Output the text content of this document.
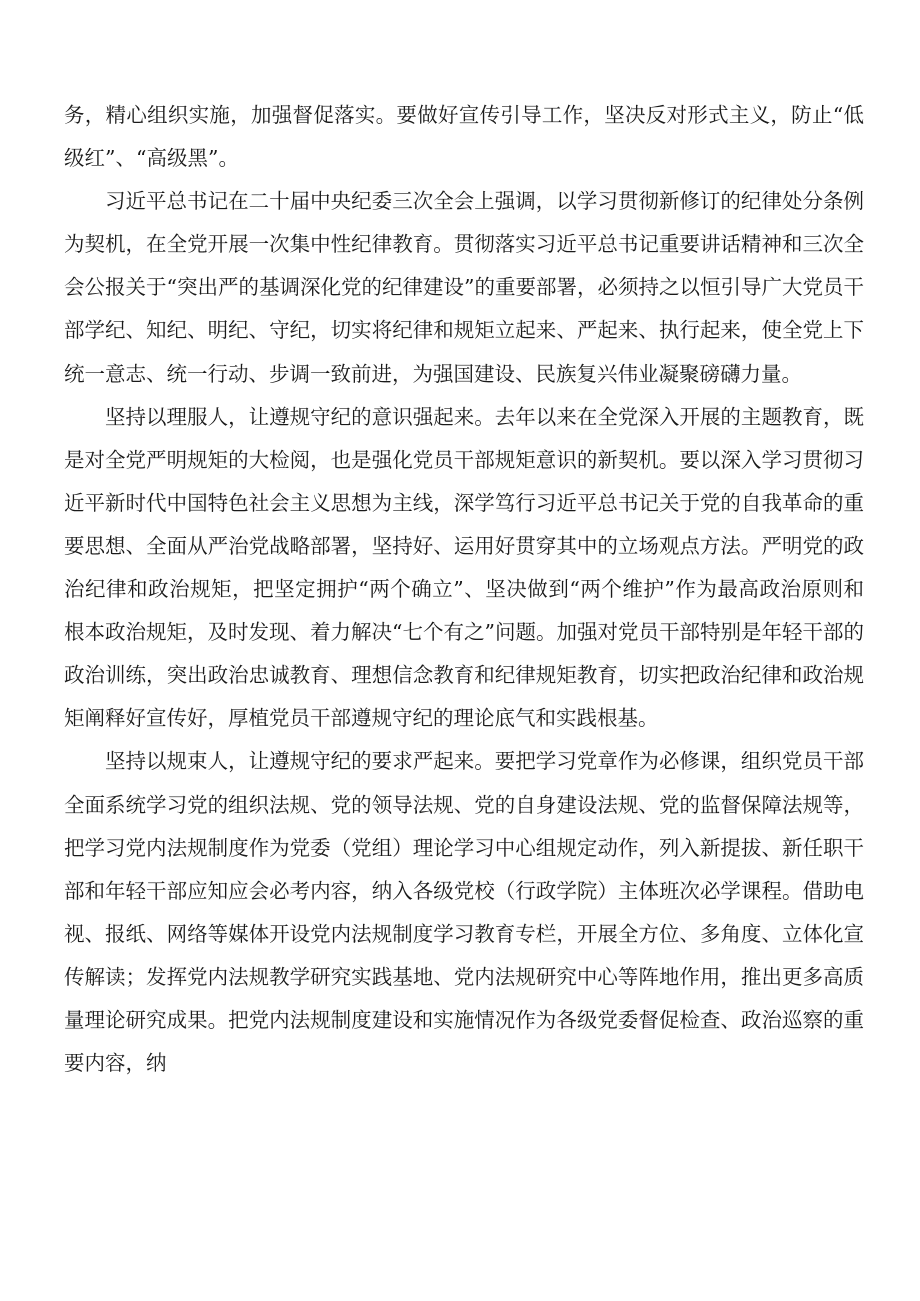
务，精心组织实施，加强督促落实。要做好宣传引导工作，坚决反对形式主义，防止“低级红”、“高级黑”。

习近平总书记在二十届中央纪委三次全会上强调，以学习贯彻新修订的纪律处分条例为契机，在全党开展一次集中性纪律教育。贯彻落实习近平总书记重要讲话精神和三次全会公报关于“突出严的基调深化党的纪律建设”的重要部署，必须持之以恒引导广大党员干部学纪、知纪、明纪、守纪，切实将纪律和规矩立起来、严起来、执行起来，使全党上下统一意志、统一行动、步调一致前进，为强国建设、民族复兴伟业凝聚磅礴力量。

坚持以理服人，让遵规守纪的意识强起来。去年以来在全党深入开展的主题教育，既是对全党严明规矩的大检阅，也是强化党员干部规矩意识的新契机。要以深入学习贯彻习近平新时代中国特色社会主义思想为主线，深学笃行习近平总书记关于党的自我革命的重要思想、全面从严治党战略部署，坚持好、运用好贯穿其中的立场观点方法。严明党的政治纪律和政治规矩，把坚定拥护“两个确立”、坚决做到“两个维护”作为最高政治原则和根本政治规矩，及时发现、着力解决“七个有之”问题。加强对党员干部特别是年轻干部的政治训练，突出政治忠诚教育、理想信念教育和纪律规矩教育，切实把政治纪律和政治规矩阐释好宣传好，厚植党员干部遵规守纪的理论底气和实践根基。

坚持以规束人，让遵规守纪的要求严起来。要把学习党章作为必修课，组织党员干部全面系统学习党的组织法规、党的领导法规、党的自身建设法规、党的监督保障法规等，把学习党内法规制度作为党委（党组）理论学习中心组规定动作，列入新提拔、新任职干部和年轻干部应知应会必考内容，纳入各级党校（行政学院）主体班次必学课程。借助电视、报纸、网络等媒体开设党内法规制度学习教育专栏，开展全方位、多角度、立体化宣传解读；发挥党内法规教学研究实践基地、党内法规研究中心等阵地作用，推出更多高质量理论研究成果。把党内法规制度建设和实施情况作为各级党委督促检查、政治巡察的重要内容，纳
